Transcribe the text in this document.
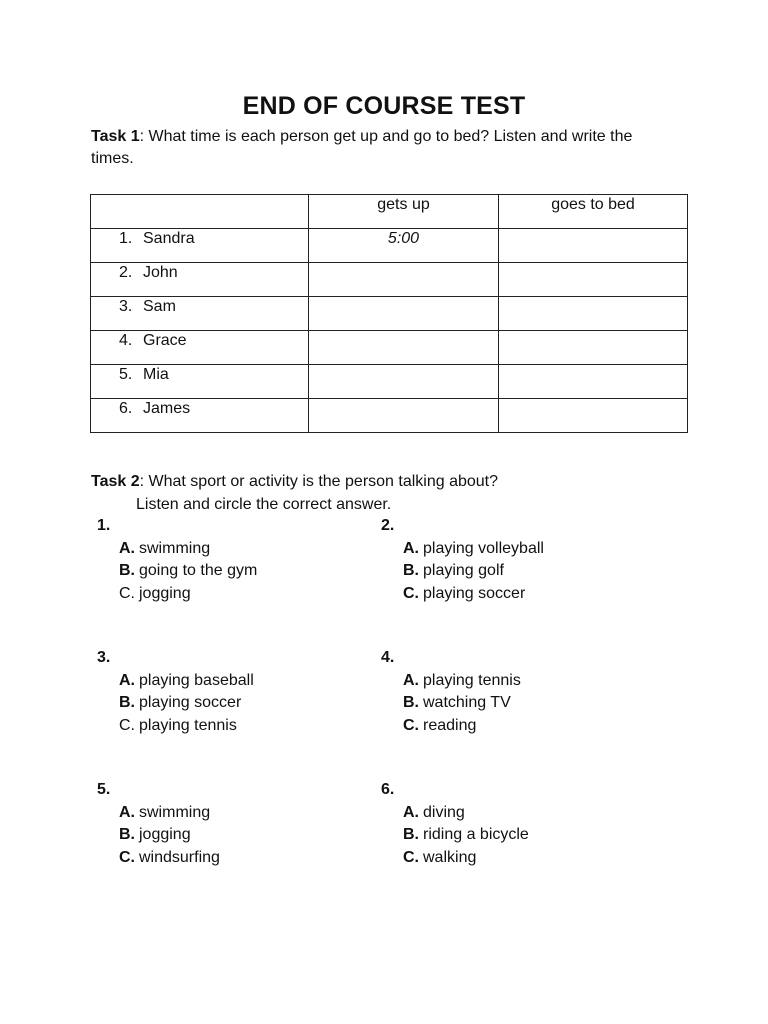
END OF COURSE TEST
Task 1: What time is each person get up and go to bed? Listen and write the times.
	gets up	goes to bed
1. Sandra	5:00	
2. John		
3. Sam		
4. Grace		
5. Mia		
6. James		
Task 2: What sport or activity is the person talking about?
Listen and circle the correct answer.
1.
A. swimming
B. going to the gym
C. jogging
2.
A. playing volleyball
B. playing golf
C. playing soccer
3.
A. playing baseball
B. playing soccer
C. playing tennis
4.
A. playing tennis
B. watching TV
C. reading
5.
A. swimming
B. jogging
C. windsurfing
6.
A. diving
B. riding a bicycle
C. walking
